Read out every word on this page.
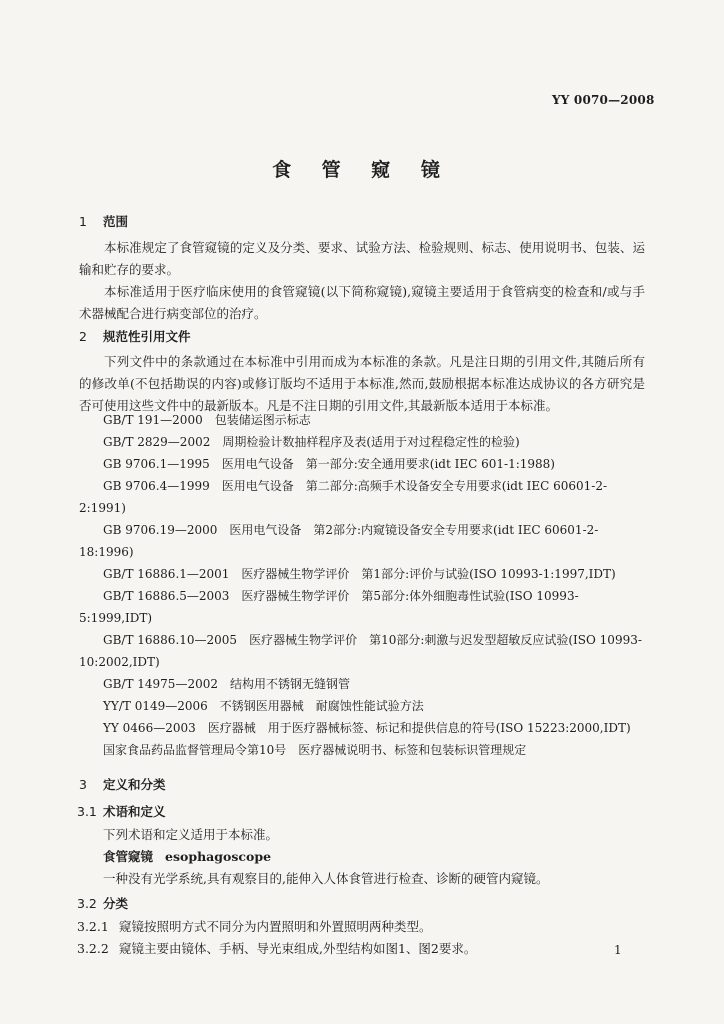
YY 0070—2008
食 管 窥 镜
1 范围
本标准规定了食管窥镜的定义及分类、要求、试验方法、检验规则、标志、使用说明书、包装、运输和贮存的要求。
本标准适用于医疗临床使用的食管窥镜(以下简称窥镜),窥镜主要适用于食管病变的检查和/或与手术器械配合进行病变部位的治疗。
2 规范性引用文件
下列文件中的条款通过在本标准中引用而成为本标准的条款。凡是注日期的引用文件,其随后所有的修改单(不包括勘误的内容)或修订版均不适用于本标准,然而,鼓励根据本标准达成协议的各方研究是否可使用这些文件中的最新版本。凡是不注日期的引用文件,其最新版本适用于本标准。
GB/T 191—2000　包装储运图示标志
GB/T 2829—2002　周期检验计数抽样程序及表(适用于对过程稳定性的检验)
GB 9706.1—1995　医用电气设备　第一部分:安全通用要求(idt IEC 601-1:1988)
GB 9706.4—1999　医用电气设备　第二部分:高频手术设备安全专用要求(idt IEC 60601-2-2:1991)
GB 9706.19—2000　医用电气设备　第2部分:内窥镜设备安全专用要求(idt IEC 60601-2-18:1996)
GB/T 16886.1—2001　医疗器械生物学评价　第1部分:评价与试验(ISO 10993-1:1997,IDT)
GB/T 16886.5—2003　医疗器械生物学评价　第5部分:体外细胞毒性试验(ISO 10993-5:1999,IDT)
GB/T 16886.10—2005　医疗器械生物学评价　第10部分:刺激与迟发型超敏反应试验(ISO 10993-10:2002,IDT)
GB/T 14975—2002　结构用不锈钢无缝钢管
YY/T 0149—2006　不锈钢医用器械　耐腐蚀性能试验方法
YY 0466—2003　医疗器械　用于医疗器械标签、标记和提供信息的符号(ISO 15223:2000,IDT)
国家食品药品监督管理局令第10号　医疗器械说明书、标签和包装标识管理规定
3 定义和分类
3.1 术语和定义
下列术语和定义适用于本标准。
食管窥镜 esophagoscope
一种没有光学系统,具有观察目的,能伸入人体食管进行检查、诊断的硬管内窥镜。
3.2 分类
3.2.1 窥镜按照明方式不同分为内置照明和外置照明两种类型。
3.2.2 窥镜主要由镜体、手柄、导光束组成,外型结构如图1、图2要求。	1
